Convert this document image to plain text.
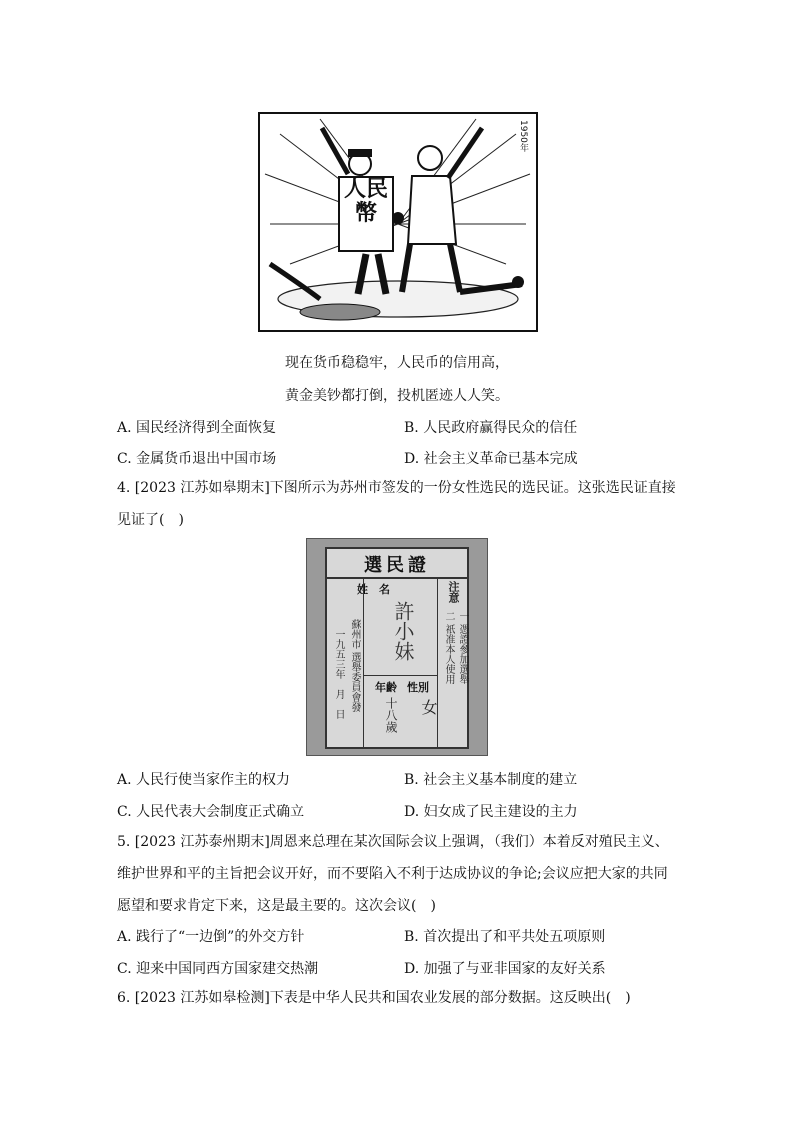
人民幣
1950年
现在货币稳稳牢，人民币的信用高，
黄金美钞都打倒，投机匿迹人人笑。
A. 国民经济得到全面恢复	B. 人民政府赢得民众的信任
C. 金属货币退出中国市场	D. 社会主义革命已基本完成
4. [2023 江苏如皋期末]下图所示为苏州市签发的一份女性选民的选民证。这张选民证直接见证了(　)
選民證
姓　名	注意
一 憑證參加選舉
二 祇准本人使用
許小妹
年齡 性別
十八歲 女
蘇州市 選舉委員會發
一九五三年　月　日
A. 人民行使当家作主的权力	B. 社会主义基本制度的建立
C. 人民代表大会制度正式确立	D. 妇女成了民主建设的主力
5. [2023 江苏泰州期末]周恩来总理在某次国际会议上强调，（我们）本着反对殖民主义、维护世界和平的主旨把会议开好，而不要陷入不利于达成协议的争论;会议应把大家的共同愿望和要求肯定下来，这是最主要的。这次会议(　)
A. 践行了“一边倒”的外交方针	B. 首次提出了和平共处五项原则
C. 迎来中国同西方国家建交热潮	D. 加强了与亚非国家的友好关系
6. [2023 江苏如皋检测]下表是中华人民共和国农业发展的部分数据。这反映出(　)
